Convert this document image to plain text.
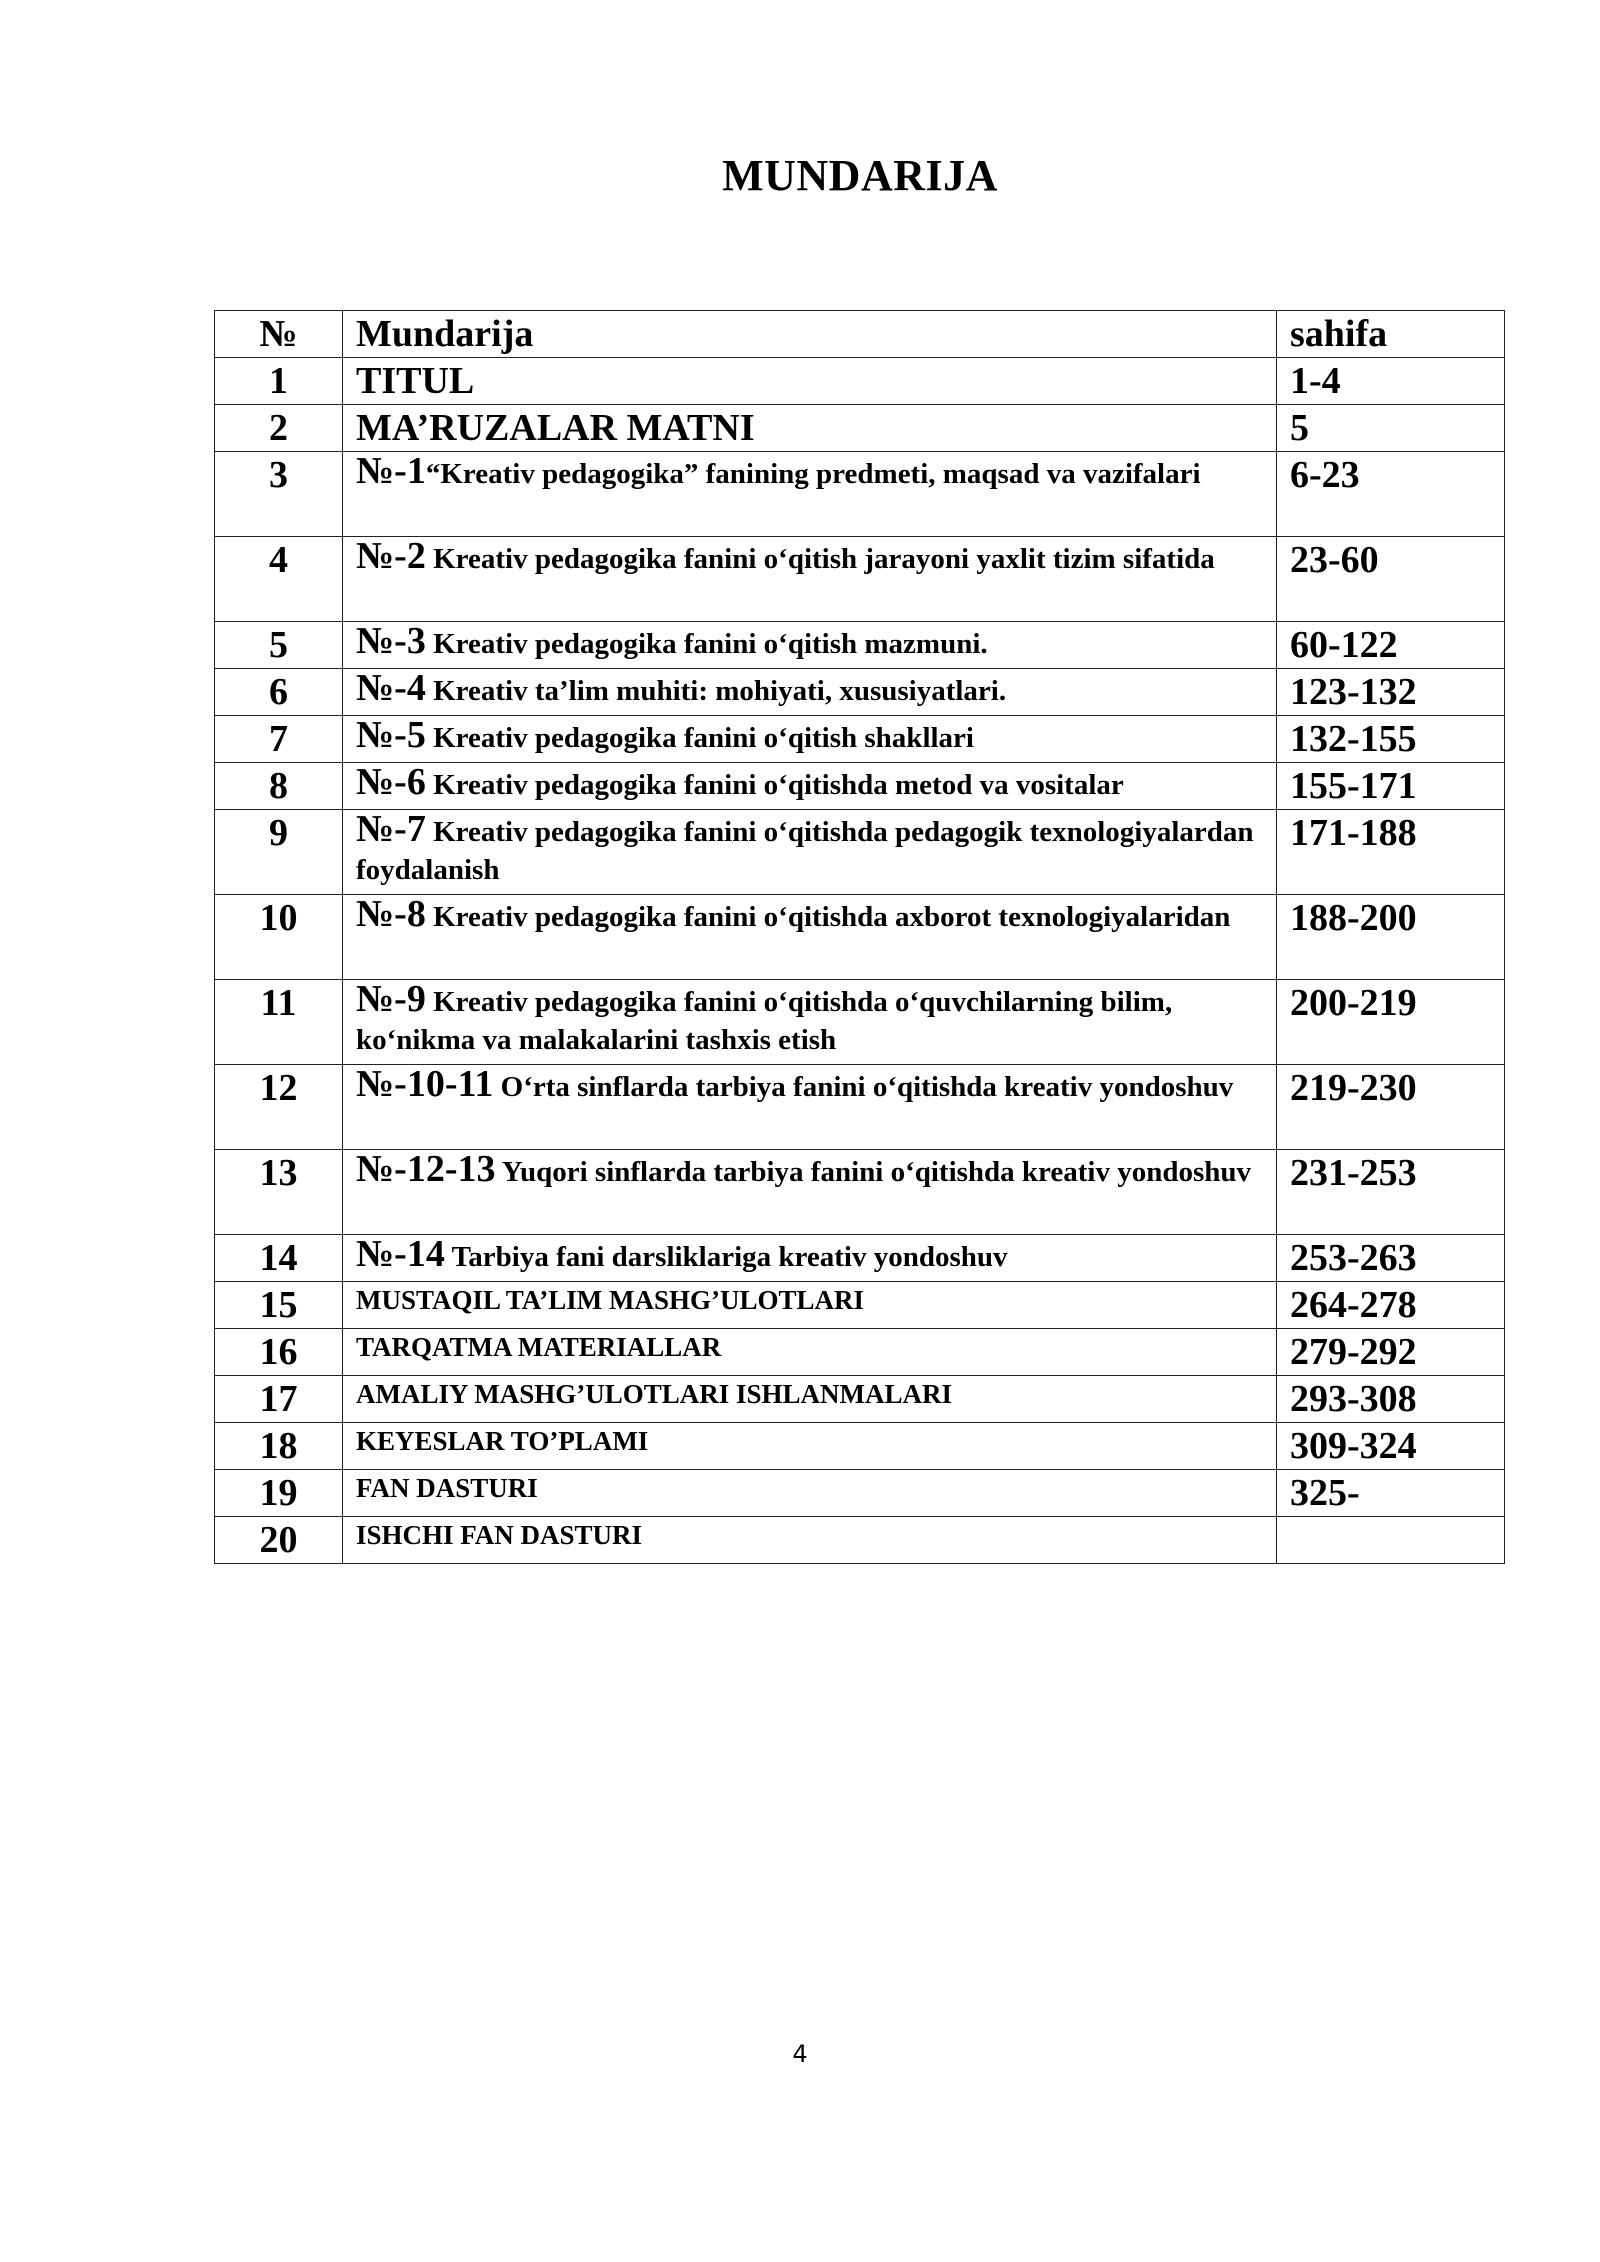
MUNDARIJA
№	Mundarija	sahifa
1	TITUL	1-4
2	MA’RUZALAR MATNI	5
3	№-1“Kreativ pedagogika” fanining predmeti, maqsad va vazifalari	6-23
4	№-2 Kreativ pedagogika fanini o‘qitish jarayoni yaxlit tizim sifatida	23-60
5	№-3 Kreativ pedagogika fanini o‘qitish mazmuni.	60-122
6	№-4 Kreativ ta’lim muhiti: mohiyati, xususiyatlari.	123-132
7	№-5 Kreativ pedagogika fanini o‘qitish shakllari	132-155
8	№-6 Kreativ pedagogika fanini o‘qitishda metod va vositalar	155-171
9	№-7 Kreativ pedagogika fanini o‘qitishda pedagogik texnologiyalardan foydalanish	171-188
10	№-8 Kreativ pedagogika fanini o‘qitishda axborot texnologiyalaridan	188-200
11	№-9 Kreativ pedagogika fanini o‘qitishda o‘quvchilarning bilim, ko‘nikma va malakalarini tashxis etish	200-219
12	№-10-11 O‘rta sinflarda tarbiya fanini o‘qitishda kreativ yondoshuv	219-230
13	№-12-13 Yuqori sinflarda tarbiya fanini o‘qitishda kreativ yondoshuv	231-253
14	№-14 Tarbiya fani darsliklariga kreativ yondoshuv	253-263
15	MUSTAQIL TA’LIM MASHG’ULOTLARI	264-278
16	TARQATMA MATERIALLAR	279-292
17	AMALIY MASHG’ULOTLARI ISHLANMALARI	293-308
18	KEYESLAR TO’PLAMI	309-324
19	FAN DASTURI	325-
20	ISHCHI FAN DASTURI	
4
